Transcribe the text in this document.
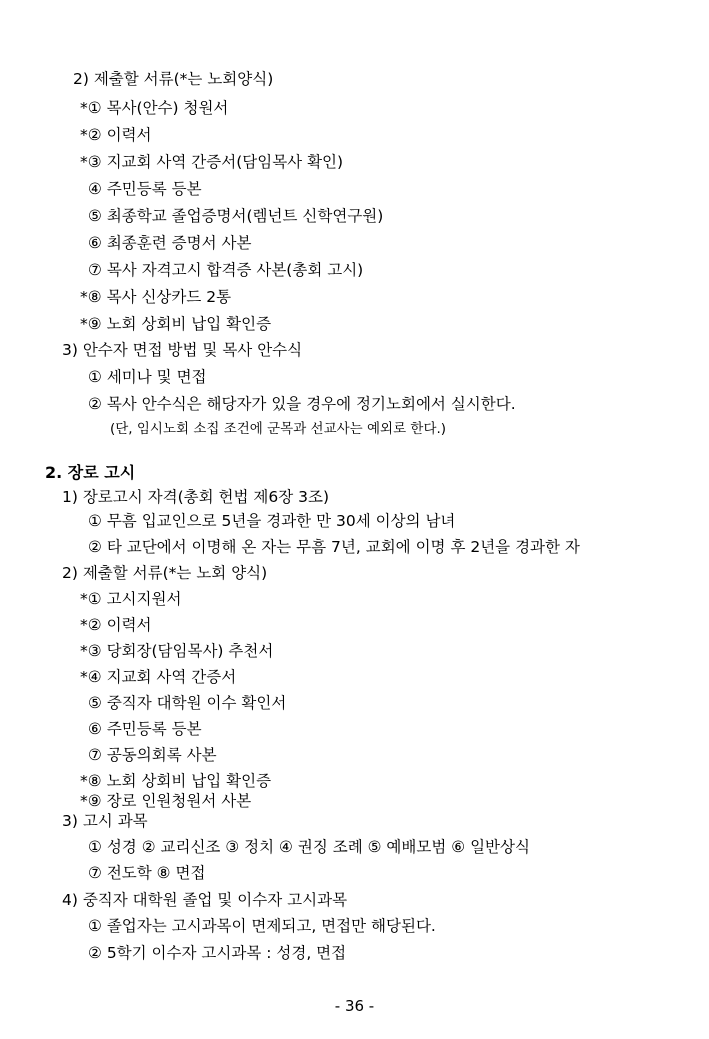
2) 제출할 서류(*는 노회양식)
*① 목사(안수) 청원서
*② 이력서
*③ 지교회 사역 간증서(담임목사 확인)
④ 주민등록 등본
⑤ 최종학교 졸업증명서(렘넌트 신학연구원)
⑥ 최종훈련 증명서 사본
⑦ 목사 자격고시 합격증 사본(총회 고시)
*⑧ 목사 신상카드 2통
*⑨ 노회 상회비 납입 확인증
3) 안수자 면접 방법 및 목사 안수식
① 세미나 및 면접
② 목사 안수식은 해당자가 있을 경우에 정기노회에서 실시한다.
(단, 임시노회 소집 조건에 군목과 선교사는 예외로 한다.)
2. 장로 고시
1) 장로고시 자격(총회 헌법 제6장 3조)
① 무흠 입교인으로 5년을 경과한 만 30세 이상의 남녀
② 타 교단에서 이명해 온 자는 무흠 7년, 교회에 이명 후 2년을 경과한 자
2) 제출할 서류(*는 노회 양식)
*① 고시지원서
*② 이력서
*③ 당회장(담임목사) 추천서
*④ 지교회 사역 간증서
⑤ 중직자 대학원 이수 확인서
⑥ 주민등록 등본
⑦ 공동의회록 사본
*⑧ 노회 상회비 납입 확인증
*⑨ 장로 인원청원서 사본
3) 고시 과목
① 성경 ② 교리신조 ③ 정치 ④ 권징 조례 ⑤ 예배모범 ⑥ 일반상식
⑦ 전도학 ⑧ 면접
4) 중직자 대학원 졸업 및 이수자 고시과목
① 졸업자는 고시과목이 면제되고, 면접만 해당된다.
② 5학기 이수자 고시과목 : 성경, 면접
- 36 -
